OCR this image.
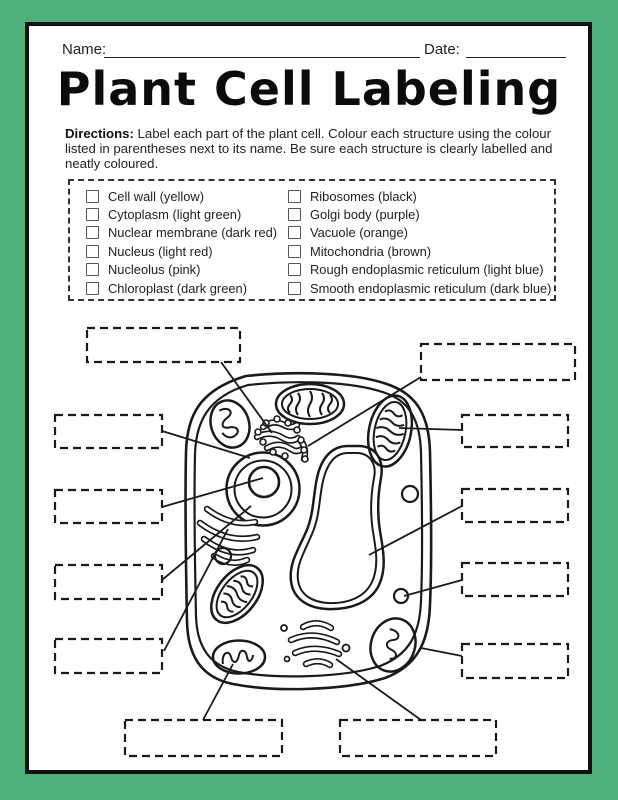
Name:	Date:
Plant Cell Labeling
Directions: Label each part of the plant cell. Colour each structure using the colour listed in parentheses next to its name. Be sure each structure is clearly labelled and neatly coloured.
Cell wall (yellow)
Cytoplasm (light green)
Nuclear membrane (dark red)
Nucleus (light red)
Nucleolus (pink)
Chloroplast (dark green)
Ribosomes (black)
Golgi body (purple)
Vacuole (orange)
Mitochondria (brown)
Rough endoplasmic reticulum (light blue)
Smooth endoplasmic reticulum (dark blue)
